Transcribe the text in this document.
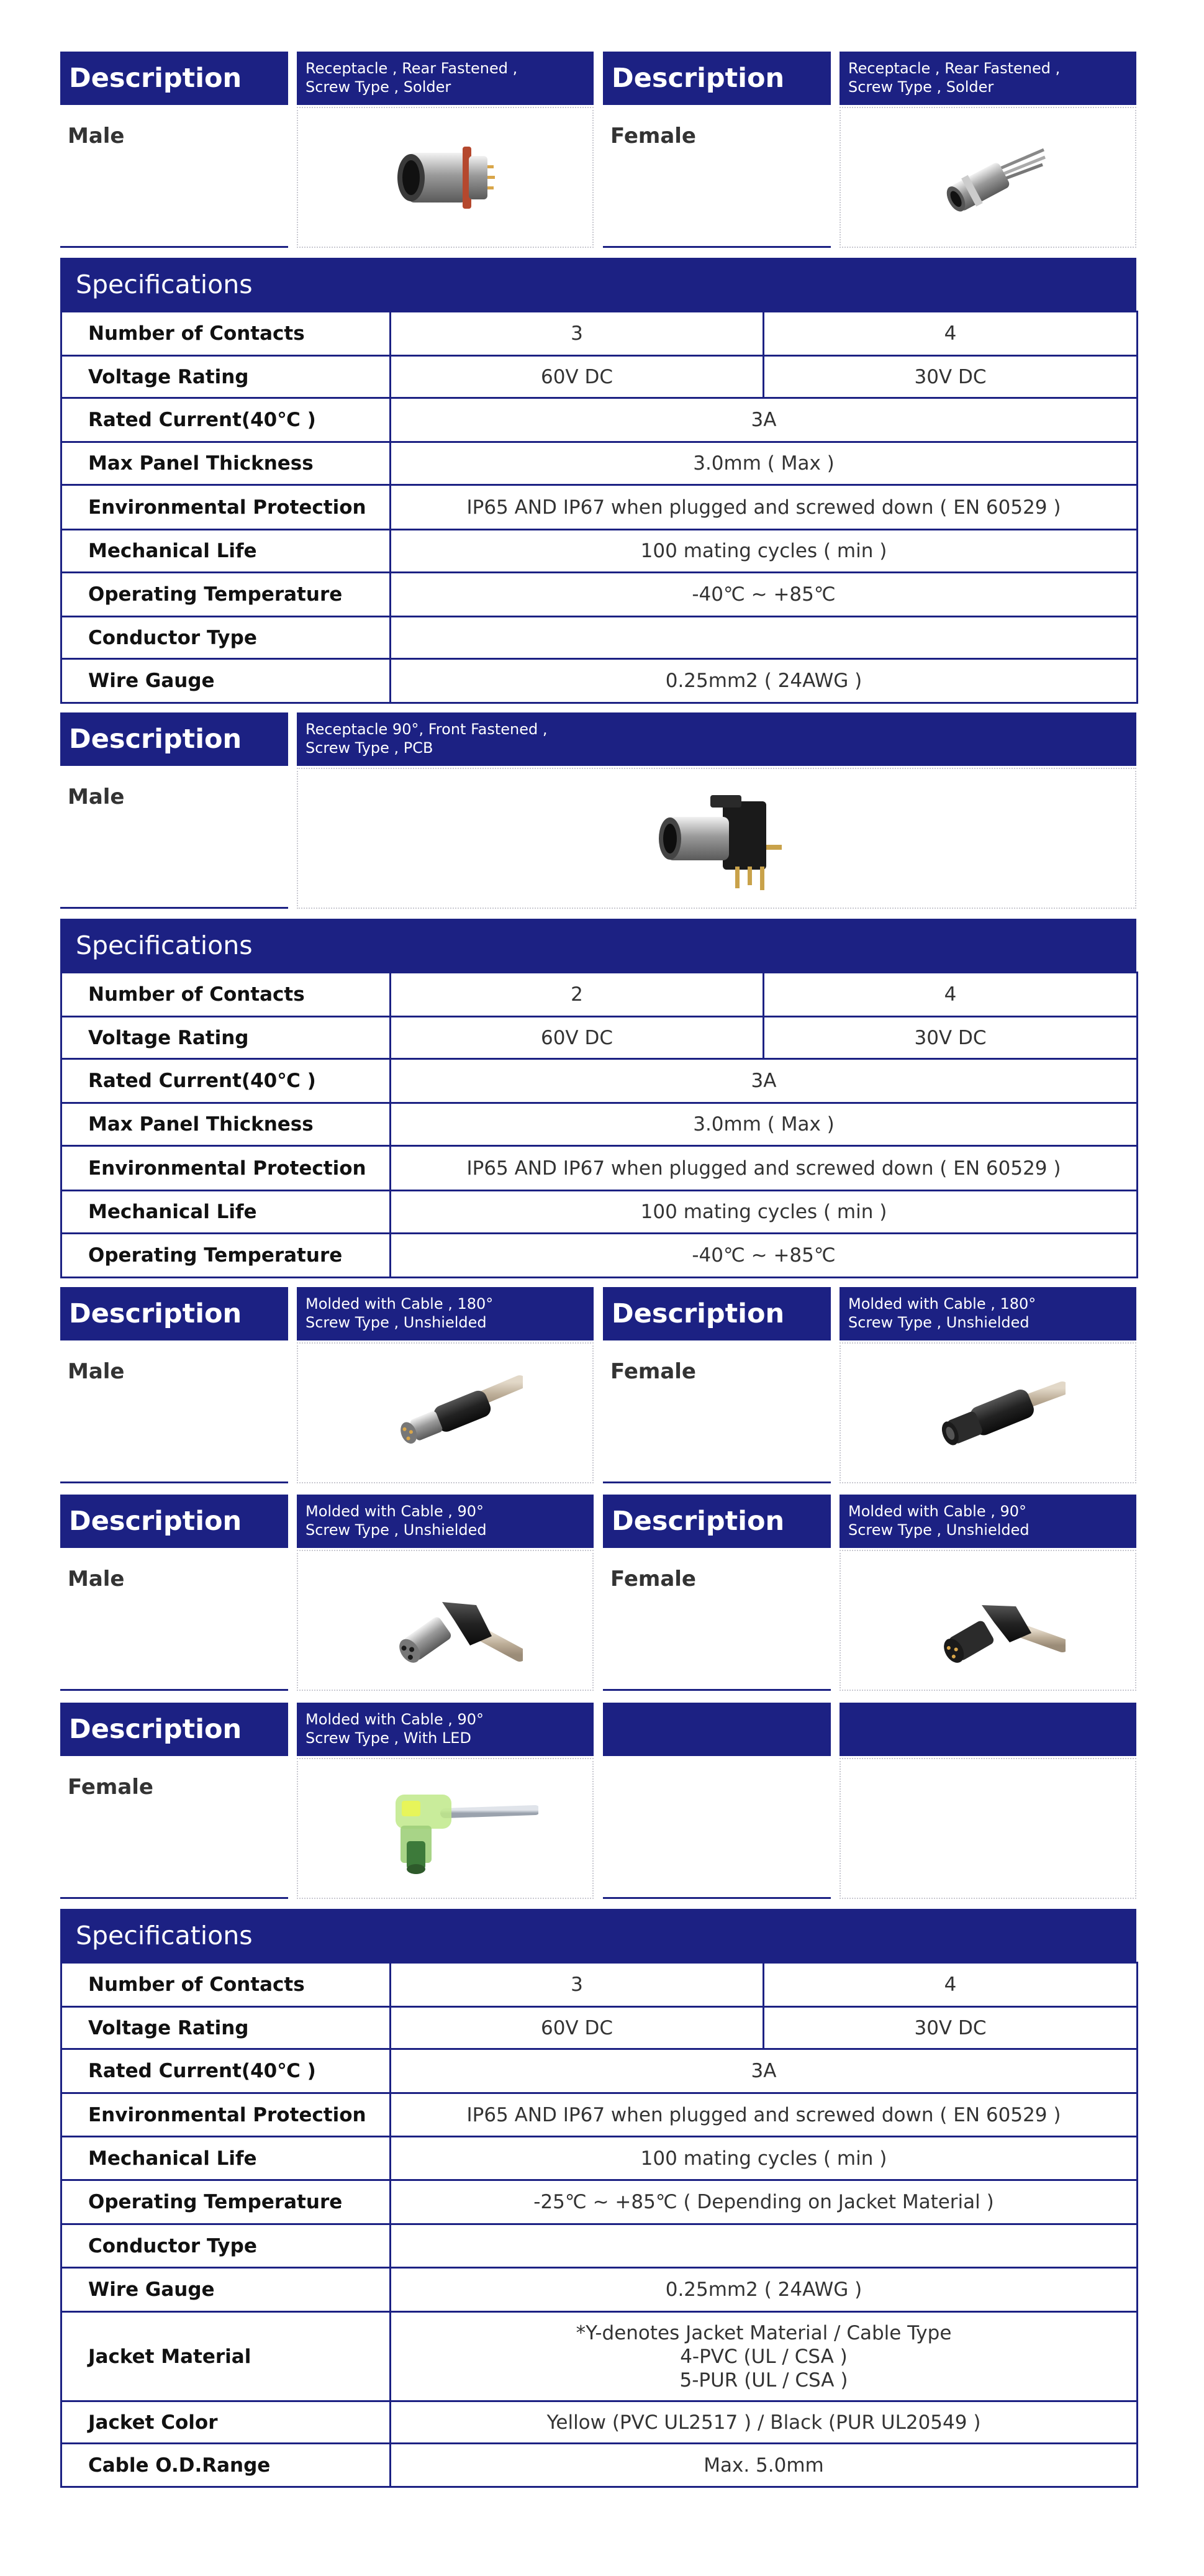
Description	Receptacle , Rear Fastened ,
Screw Type , Solder
Male
Description	Receptacle , Rear Fastened ,
Screw Type , Solder
Female
Specifications
Number of Contacts	3	4
Voltage Rating	60V DC	30V DC
Rated Current(40℃ )	3A	
Max Panel Thickness	3.0mm ( Max )	
Environmental Protection	IP65 AND IP67 when plugged and screwed down ( EN 60529 )	
Mechanical Life	100 mating cycles ( min )	
Operating Temperature	-40℃ ~ +85℃	
Conductor Type		
Wire Gauge	0.25mm2 ( 24AWG )	
Description	Receptacle 90°, Front Fastened ,
Screw Type , PCB
Male
Specifications
Number of Contacts	2	4
Voltage Rating	60V DC	30V DC
Rated Current(40℃ )	3A	
Max Panel Thickness	3.0mm ( Max )	
Environmental Protection	IP65 AND IP67 when plugged and screwed down ( EN 60529 )	
Mechanical Life	100 mating cycles ( min )	
Operating Temperature	-40℃ ~ +85℃	
Description	Molded with Cable , 180°
Screw Type , Unshielded
Male
Description	Molded with Cable , 180°
Screw Type , Unshielded
Female
Description	Molded with Cable , 90°
Screw Type , Unshielded
Male
Description	Molded with Cable , 90°
Screw Type , Unshielded
Female
Description	Molded with Cable , 90°
Screw Type , With LED
Female
Specifications
Number of Contacts	3	4
Voltage Rating	60V DC	30V DC
Rated Current(40℃ )	3A	
Environmental Protection	IP65 AND IP67 when plugged and screwed down ( EN 60529 )	
Mechanical Life	100 mating cycles ( min )	
Operating Temperature	-25℃ ~ +85℃ ( Depending on Jacket Material )	
Conductor Type		
Wire Gauge	0.25mm2 ( 24AWG )	
Jacket Material	*Y-denotes Jacket Material / Cable Type
4-PVC (UL / CSA )
5-PUR (UL / CSA )	

Jacket Color	Yellow (PVC UL2517 ) / Black (PUR UL20549 )	
Cable O.D.Range	Max. 5.0mm	
